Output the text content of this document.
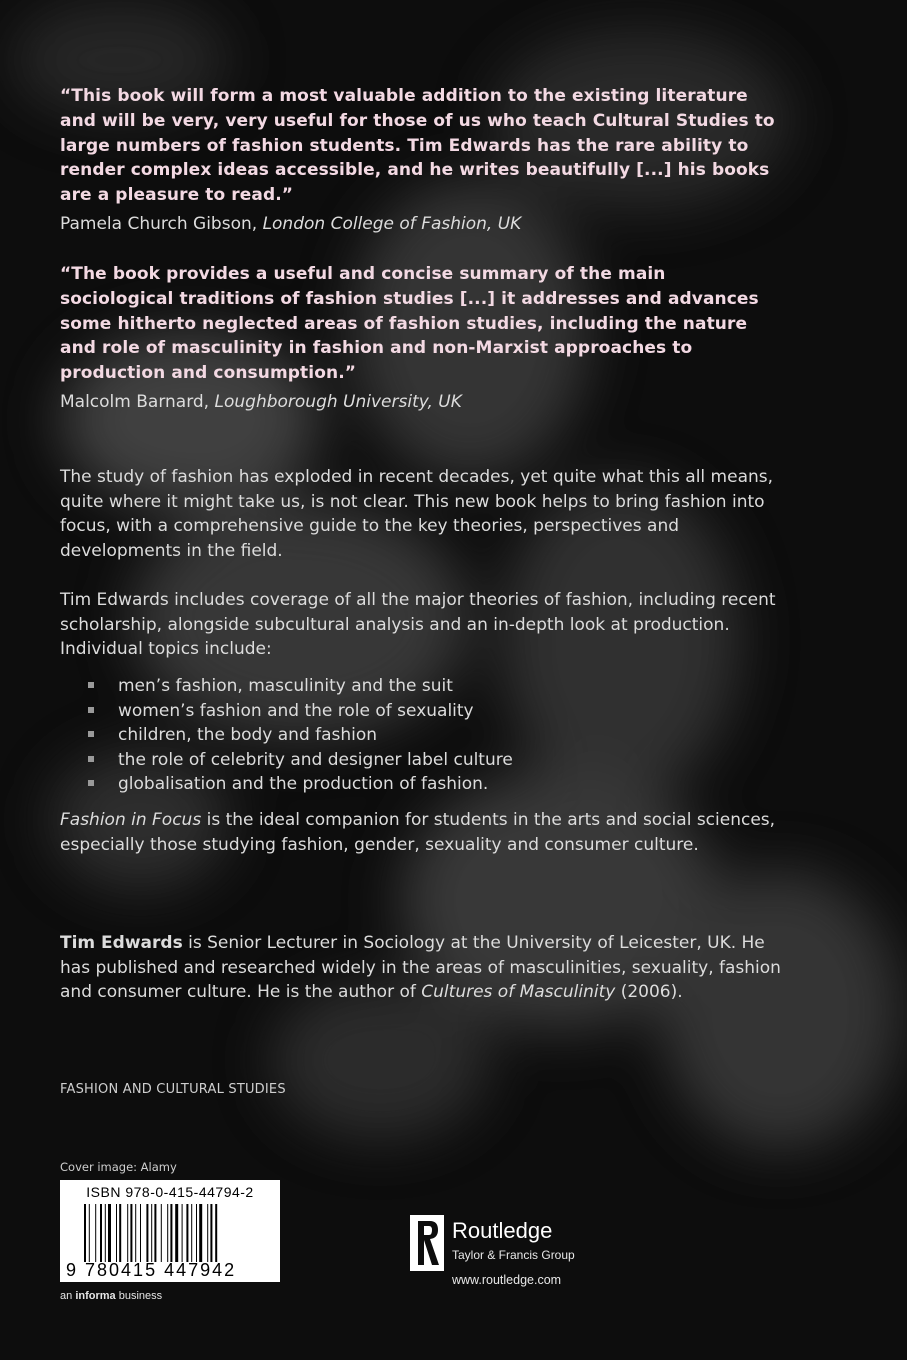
“This book will form a most valuable addition to the existing literature and will be very, very useful for those of us who teach Cultural Studies to large numbers of fashion students. Tim Edwards has the rare ability to render complex ideas accessible, and he writes beautifully [...] his books are a pleasure to read.”

Pamela Church Gibson, London College of Fashion, UK

“The book provides a useful and concise summary of the main sociological traditions of fashion studies [...] it addresses and advances some hitherto neglected areas of fashion studies, including the nature and role of masculinity in fashion and non-Marxist approaches to production and consumption.”

Malcolm Barnard, Loughborough University, UK

The study of fashion has exploded in recent decades, yet quite what this all means, quite where it might take us, is not clear. This new book helps to bring fashion into focus, with a comprehensive guide to the key theories, perspectives and developments in the field.

Tim Edwards includes coverage of all the major theories of fashion, including recent scholarship, alongside subcultural analysis and an in-depth look at production. Individual topics include:

men’s fashion, masculinity and the suit
women’s fashion and the role of sexuality
children, the body and fashion
the role of celebrity and designer label culture
globalisation and the production of fashion.

Fashion in Focus is the ideal companion for students in the arts and social sciences, especially those studying fashion, gender, sexuality and consumer culture.

Tim Edwards is Senior Lecturer in Sociology at the University of Leicester, UK. He has published and researched widely in the areas of masculinities, sexuality, fashion and consumer culture. He is the author of Cultures of Masculinity (2006).

FASHION AND CULTURAL STUDIES
Cover image: Alamy
ISBN 978-0-415-44794-2
9 780415 447942
an informa business
Routledge
Taylor & Francis Group
www.routledge.com
